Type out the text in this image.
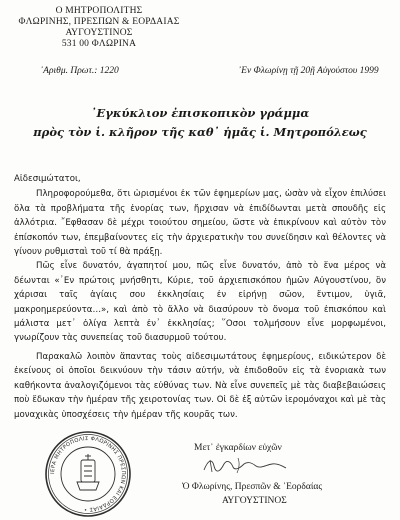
Ο ΜΗΤΡΟΠΟΛΙΤΗΣ
ΦΛΩΡΙΝΗΣ, ΠΡΕΣΠΩΝ & ΕΟΡΔΑΙΑΣ
ΑΥΓΟΥΣΤΙΝΟΣ
531 00 ΦΛΩΡΙΝΑ
᾿Αριθμ. Πρωτ.: 1220	᾿Εν Φλωρίνῃ τῇ 20ῇ Αὐγούστου 1999
᾿Εγκύκλιον ἐπισκοπικὸν γράμμα
πρὸς τὸν ἱ. κλῆρον τῆς καθ᾿ ἡμᾶς ἱ. Μητροπόλεως

Αἰδεσιμώτατοι,

Πληροφορούμεθα, ὅτι ὡρισμένοι ἐκ τῶν ἐφημερίων μας, ὡσὰν νὰ εἶχον ἐπιλύσει ὅλα τὰ προβλήματα τῆς ἐνορίας των, ἤρχισαν νὰ ἐπιδίδωνται μετὰ σπουδῆς εἰς ἀλλότρια. ῎Εφθασαν δὲ μέχρι τοιούτου σημείου, ὥστε νὰ ἐπικρίνουν καὶ αὐτὸν τὸν ἐπίσκοπόν των, ἐπεμβαίνοντες εἰς τὴν ἀρχιερατικὴν του συνείδησιν καὶ θέλοντες νὰ γίνουν ρυθμισταὶ τοῦ τί θὰ πράξῃ.

Πῶς εἶνε δυνατόν, ἀγαπητοί μου, πῶς εἶνε δυνατόν, ἀπὸ τὸ ἕνα μέρος νὰ δέωνται «᾿Εν πρώτοις μνήσθητι, Κύριε, τοῦ ἀρχιεπισκόπου ἡμῶν Αὐγουστίνου, ὃν χάρισαι ταῖς ἁγίαις σου ἐκκλησίαις ἐν εἰρήνῃ σῶον, ἔντιμον, ὑγιᾶ, μακροημερεύοντα…», καὶ ἀπὸ τὸ ἄλλο νὰ διασύρουν τὸ ὄνομα τοῦ ἐπισκόπου καὶ μάλιστα μετ᾿ ὀλίγα λεπτὰ ἐν᾿ ἐκκλησίας; ῞Οσοι τολμήσουν εἶνε μορφωμένοι, γνωρίζουν τὰς συνεπείας τοῦ διασυρμοῦ τούτου.

Παρακαλῶ λοιπὸν ἅπαντας τοὺς αἰδεσιμωτάτους ἐφημερίους, ειδικώτερον δὲ ἐκείνους οἱ ὁποῖοι δεικνύουν τὴν τάσιν αὐτήν, νὰ ἐπιδοθοῦν εἰς τὰ ἐνοριακὰ των καθήκοντα ἀναλογιζόμενοι τὰς εὐθύνας των. Νὰ εἶνε συνεπεῖς μὲ τὰς διαβεβαιώσεις ποὺ ἔδωκαν τὴν ἡμέραν τῆς χειροτονίας των. Οἱ δὲ ἐξ αὐτῶν ἱερομόναχοι καὶ μὲ τὰς μοναχικὰς ὑποσχέσεις τὴν ἡμέραν τῆς κουρᾶς των.

Μετ᾿ ἐγκαρδίων εὐχῶν
Ὁ Φλωρίνης, Πρεσπῶν & ᾿Εορδαίας
ΑΥΓΟΥΣΤΙΝΟΣ
ΙΕΡΑ ΜΗΤΡΟΠΟΛΙΣ ΦΛΩΡΙΝΗΣ ΠΡΕΣΠΩΝ ΚΑΙ ΕΟΡΔΑΙΑΣ •
